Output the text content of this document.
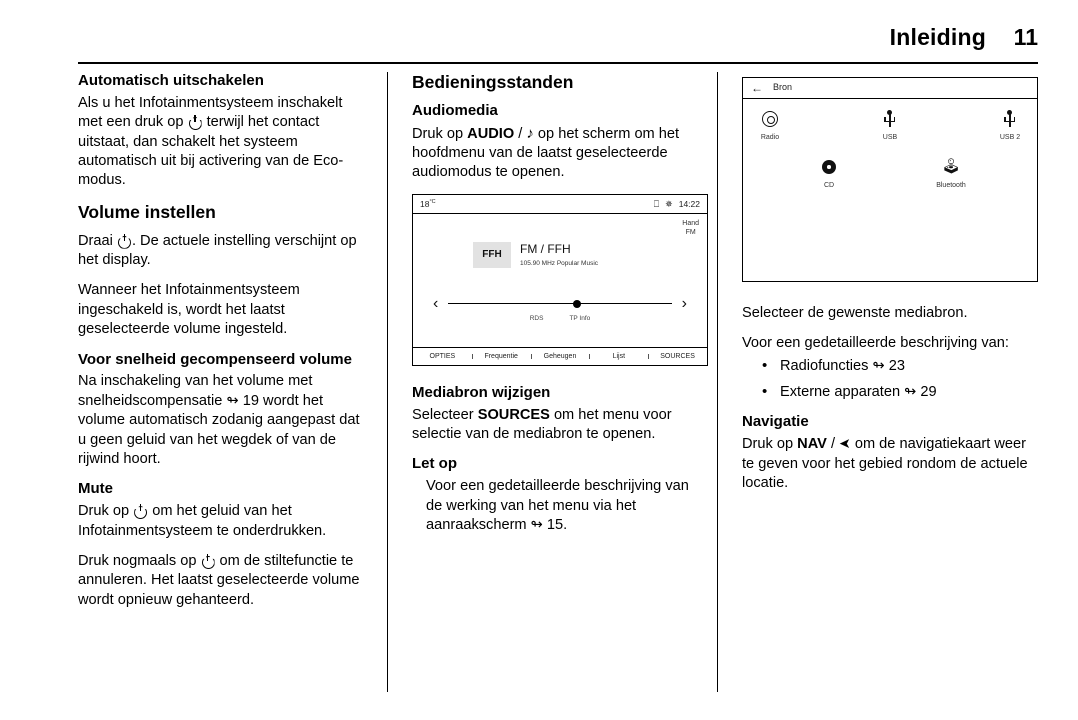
Inleiding 11
Automatisch uitschakelen

Als u het Infotainmentsysteem inschakelt met een druk op  terwijl het contact uitstaat, dan schakelt het systeem automatisch uit bij activering van de Eco-modus.

Volume instellen

Draai . De actuele instelling verschijnt op het display.

Wanneer het Infotainmentsysteem ingeschakeld is, wordt het laatst geselecteerde volume ingesteld.

Voor snelheid gecompenseerd volume

Na inschakeling van het volume met snelheidscompensatie ↬ 19 wordt het volume automatisch zodanig aangepast dat u geen geluid van het wegdek of van de rijwind hoort.

Mute

Druk op  om het geluid van het Infotainmentsysteem te onderdrukken.

Druk nogmaals op  om de stiltefunctie te annuleren. Het laatst geselecteerde volume wordt opnieuw gehanteerd.

Bedieningsstanden
Audiomedia

Druk op AUDIO / ♪ op het scherm om het hoofdmenu van de laatst geselecteerde audiomodus te openen.

$18^{^\circ C}$	⎕ ✵ 14:22
Hand
FM
FFH	FM / FFH
105.90 MHz Popular Music
‹	›
RDS	TP Info
OPTIES	Frequentie	Geheugen	Lijst	SOURCES
Mediabron wijzigen

Selecteer SOURCES om het menu voor selectie van de mediabron te openen.

Let op

Voor een gedetailleerde beschrijving van de werking van het menu via het aanraakscherm ↬ 15.

← Bron
Radio	USB	USB 2
CD
🕹
Bluetooth

Selecteer de gewenste mediabron.

Voor een gedetailleerde beschrijving van:

• Radiofuncties ↬ 23
• Externe apparaten ↬ 29
Navigatie

Druk op NAV / ➤ om de navigatiekaart weer te geven voor het gebied rondom de actuele locatie.
